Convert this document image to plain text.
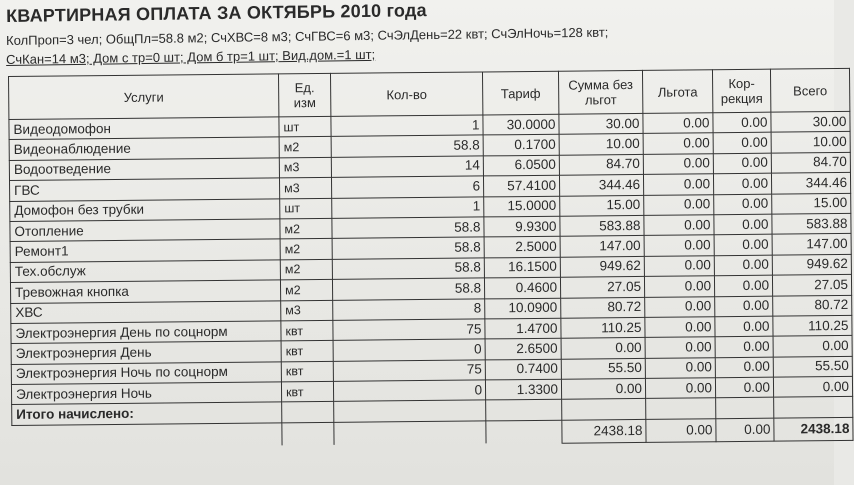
КВАРТИРНАЯ ОПЛАТА ЗА ОКТЯБРЬ 2010 года
КолПроп=3 чел; ОбщПл=58.8 м2; СчХВС=8 м3; СчГВС=6 м3; СчЭлДень=22 квт; СчЭлНочь=128 квт;
СчКан=14 м3; Дом с тр=0 шт; Дом б тр=1 шт; Вид.дом.=1 шт;
Услуги	Ед. изм	Кол-во	Тариф	Сумма без льгот	Льгота	Кор-рекция	Всего
Видеодомофон	шт	1	30.0000	30.00	0.00	0.00	30.00
Видеонаблюдение	м2	58.8	0.1700	10.00	0.00	0.00	10.00
Водоотведение	м3	14	6.0500	84.70	0.00	0.00	84.70
ГВС	м3	6	57.4100	344.46	0.00	0.00	344.46
Домофон без трубки	шт	1	15.0000	15.00	0.00	0.00	15.00
Отопление	м2	58.8	9.9300	583.88	0.00	0.00	583.88
Ремонт1	м2	58.8	2.5000	147.00	0.00	0.00	147.00
Тех.обслуж	м2	58.8	16.1500	949.62	0.00	0.00	949.62
Тревожная кнопка	м2	58.8	0.4600	27.05	0.00	0.00	27.05
ХВС	м3	8	10.0900	80.72	0.00	0.00	80.72
Электроэнергия День по соцнорм	квт	75	1.4700	110.25	0.00	0.00	110.25
Электроэнергия День	квт	0	2.6500	0.00	0.00	0.00	0.00
Электроэнергия Ночь по соцнорм	квт	75	0.7400	55.50	0.00	0.00	55.50
Электроэнергия Ночь	квт	0	1.3300	0.00	0.00	0.00	0.00
Итого начислено:							
				2438.18	0.00	0.00	2438.18
